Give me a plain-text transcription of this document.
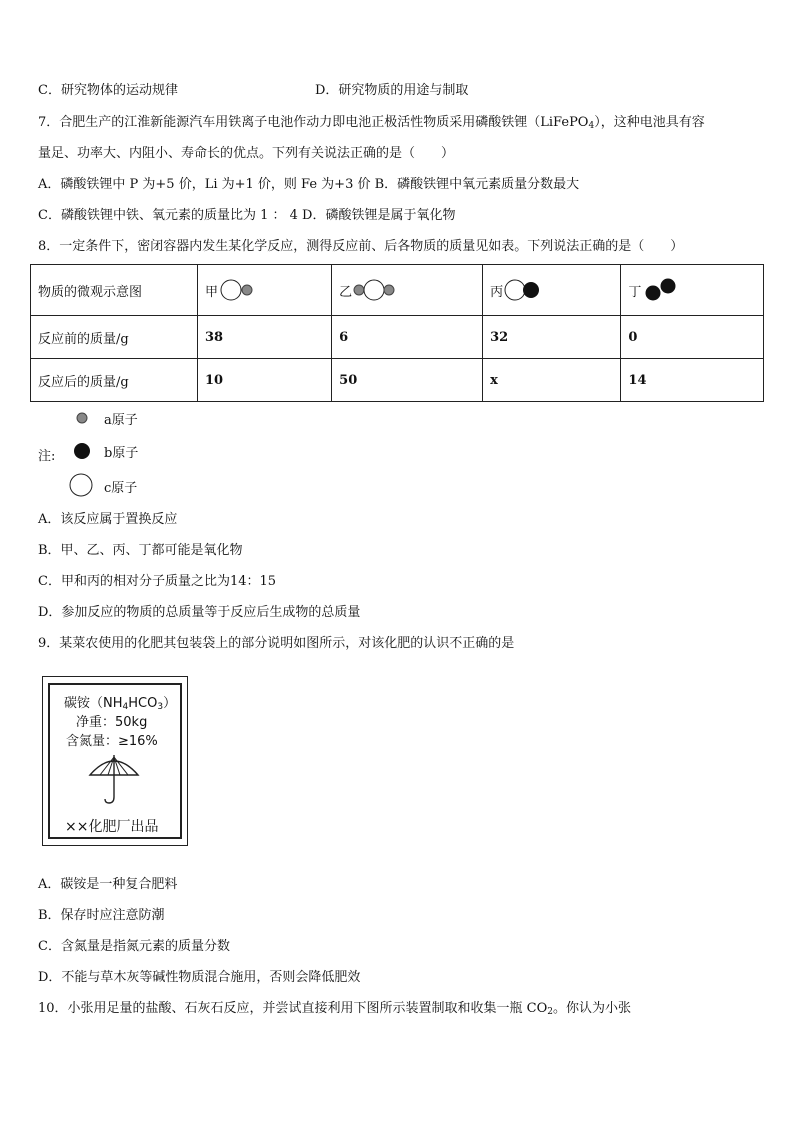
C．研究物体的运动规律	D．研究物质的用途与制取
7．合肥生产的江淮新能源汽车用铁离子电池作动力即电池正极活性物质采用磷酸铁锂（LiFePO$_4$），这种电池具有容
量足、功率大、内阻小、寿命长的优点。下列有关说法正确的是（　　）
A．磷酸铁锂中 P 为+5 价，Li 为+1 价，则 Fe 为+3 价 B．磷酸铁锂中氧元素质量分数最大
C．磷酸铁锂中铁、氧元素的质量比为 1 ： 4 D．磷酸铁锂是属于氧化物
8．一定条件下，密闭容器内发生某化学反应，测得反应前、后各物质的质量见如表。下列说法正确的是（　　）
物质的微观示意图	甲	乙	丙	丁

反应前的质量/g	38	6	32	0
反应后的质量/g	10	50	x	14
a原子
注:	b原子
c原子
A．该反应属于置换反应
B．甲、乙、丙、丁都可能是氧化物
C．甲和丙的相对分子质量之比为14：15
D．参加反应的物质的总质量等于反应后生成物的总质量
9．某菜农使用的化肥其包装袋上的部分说明如图所示，对该化肥的认识不正确的是
碳铵$(NH_4HCO_3)$
净重：50kg
含氮量：≥16%
××化肥厂出品
A．碳铵是一种复合肥料
B．保存时应注意防潮
C．含氮量是指氮元素的质量分数
D．不能与草木灰等碱性物质混合施用，否则会降低肥效
10．小张用足量的盐酸、石灰石反应，并尝试直接利用下图所示装置制取和收集一瓶 $CO_2$。你认为小张
